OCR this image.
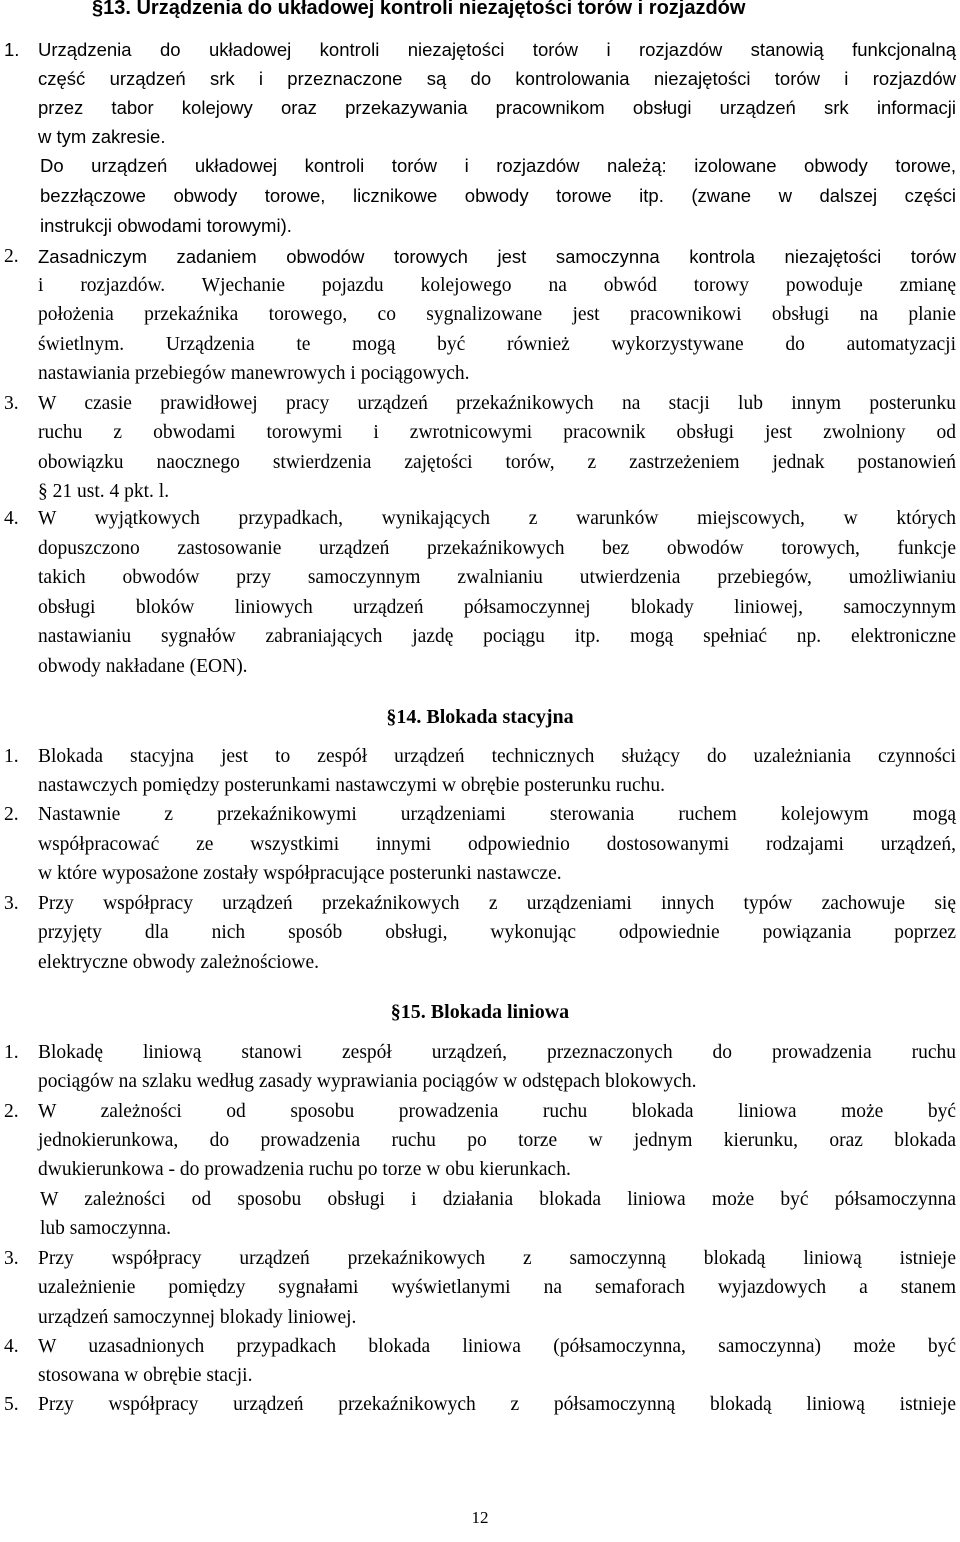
§13. Urządzenia do układowej kontroli niezajętości torów i rozjazdów
1. Urządzenia do układowej kontroli niezajętości torów i rozjazdów stanowią funkcjonalną
część urządzeń srk i przeznaczone są do kontrolowania niezajętości torów i rozjazdów
przez tabor kolejowy oraz przekazywania pracownikom obsługi urządzeń srk informacji
w tym zakresie.
Do urządzeń układowej kontroli torów i rozjazdów należą: izolowane obwody torowe,
bezzłączowe obwody torowe, licznikowe obwody torowe itp. (zwane w dalszej części
instrukcji obwodami torowymi).
2. Zasadniczym zadaniem obwodów torowych jest samoczynna kontrola niezajętości torów
i rozjazdów. Wjechanie pojazdu kolejowego na obwód torowy powoduje zmianę
położenia przekaźnika torowego, co sygnalizowane jest pracownikowi obsługi na planie
świetlnym. Urządzenia te mogą być również wykorzystywane do automatyzacji
nastawiania przebiegów manewrowych i pociągowych.
3. W czasie prawidłowej pracy urządzeń przekaźnikowych na stacji lub innym posterunku
ruchu z obwodami torowymi i zwrotnicowymi pracownik obsługi jest zwolniony od
obowiązku naocznego stwierdzenia zajętości torów, z zastrzeżeniem jednak postanowień
§ 21 ust. 4 pkt. l.
4. W wyjątkowych przypadkach, wynikających z warunków miejscowych, w których
dopuszczono zastosowanie urządzeń przekaźnikowych bez obwodów torowych, funkcje
takich obwodów przy samoczynnym zwalnianiu utwierdzenia przebiegów, umożliwianiu
obsługi bloków liniowych urządzeń półsamoczynnej blokady liniowej, samoczynnym
nastawianiu sygnałów zabraniających jazdę pociągu itp. mogą spełniać np. elektroniczne
obwody nakładane (EON).
§14. Blokada stacyjna
1. Blokada stacyjna jest to zespół urządzeń technicznych służący do uzależniania czynności
nastawczych pomiędzy posterunkami nastawczymi w obrębie posterunku ruchu.
2. Nastawnie z przekaźnikowymi urządzeniami sterowania ruchem kolejowym mogą
współpracować ze wszystkimi innymi odpowiednio dostosowanymi rodzajami urządzeń,
w które wyposażone zostały współpracujące posterunki nastawcze.
3. Przy współpracy urządzeń przekaźnikowych z urządzeniami innych typów zachowuje się
przyjęty dla nich sposób obsługi, wykonując odpowiednie powiązania poprzez
elektryczne obwody zależnościowe.
§15. Blokada liniowa
1. Blokadę liniową stanowi zespół urządzeń, przeznaczonych do prowadzenia ruchu
pociągów na szlaku według zasady wyprawiania pociągów w odstępach blokowych.
2. W zależności od sposobu prowadzenia ruchu blokada liniowa może być
jednokierunkowa, do prowadzenia ruchu po torze w jednym kierunku, oraz blokada
dwukierunkowa - do prowadzenia ruchu po torze w obu kierunkach.
W zależności od sposobu obsługi i działania blokada liniowa może być półsamoczynna
lub samoczynna.
3. Przy współpracy urządzeń przekaźnikowych z samoczynną blokadą liniową istnieje
uzależnienie pomiędzy sygnałami wyświetlanymi na semaforach wyjazdowych a stanem
urządzeń samoczynnej blokady liniowej.
4. W uzasadnionych przypadkach blokada liniowa (półsamoczynna, samoczynna) może być
stosowana w obrębie stacji.
5. Przy współpracy urządzeń przekaźnikowych z półsamoczynną blokadą liniową istnieje
12
